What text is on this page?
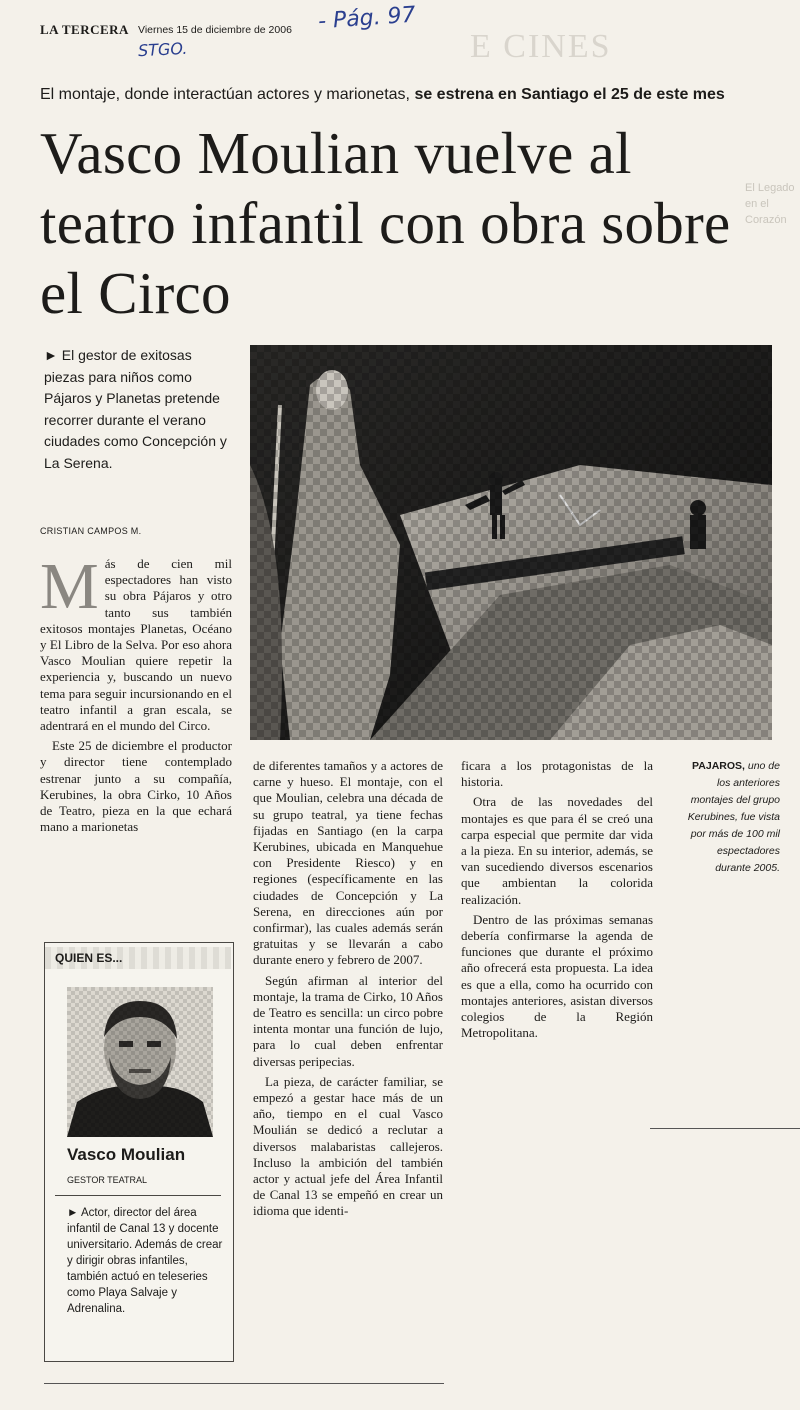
LA TERCERA Viernes 15 de diciembre de 2006 - Pág. 97
STGO.	E CINES
El montaje, donde interactúan actores y marionetas, se estrena en Santiago el 25 de este mes
Vasco Moulian vuelve al teatro infantil con obra sobre el Circo
El Legado en el Corazón
► El gestor de exitosas piezas para niños como Pájaros y Planetas pretende recorrer durante el verano ciudades como Concepción y La Serena.
CRISTIAN CAMPOS M.
PAJAROS, uno de los anteriores montajes del grupo Kerubines, fue vista por más de 100 mil espectadores durante 2005.

Más de cien mil espectadores han visto su obra Pájaros y otro tanto sus también exitosos montajes Planetas, Océano y El Libro de la Selva. Por eso ahora Vasco Moulian quiere repetir la experiencia y, buscando un nuevo tema para seguir incursionando en el teatro infantil a gran escala, se adentrará en el mundo del Circo.

Este 25 de diciembre el productor y director tiene contemplado estrenar junto a su compañía, Kerubines, la obra Cirko, 10 Años de Teatro, pieza en la que echará mano a marionetas

de diferentes tamaños y a actores de carne y hueso. El montaje, con el que Moulian, celebra una década de su grupo teatral, ya tiene fechas fijadas en Santiago (en la carpa Kerubines, ubicada en Manquehue con Presidente Riesco) y en regiones (específicamente en las ciudades de Concepción y La Serena, en direcciones aún por confirmar), las cuales además serán gratuitas y se llevarán a cabo durante enero y febrero de 2007.

Según afirman al interior del montaje, la trama de Cirko, 10 Años de Teatro es sencilla: un circo pobre intenta montar una función de lujo, para lo cual deben enfrentar diversas peripecias.

La pieza, de carácter familiar, se empezó a gestar hace más de un año, tiempo en el cual Vasco Moulián se dedicó a reclutar a diversos malabaristas callejeros. Incluso la ambición del también actor y actual jefe del Área Infantil de Canal 13 se empeñó en crear un idioma que identi-

ficara a los protagonistas de la historia.

Otra de las novedades del montajes es que para él se creó una carpa especial que permite dar vida a la pieza. En su interior, además, se van sucediendo diversos escenarios que ambientan la colorida realización.

Dentro de las próximas semanas debería confirmarse la agenda de funciones que durante el próximo año ofrecerá esta propuesta. La idea es que a ella, como ha ocurrido con montajes anteriores, asistan diversos colegios de la Región Metropolitana.

QUIEN ES...
Vasco Moulian
GESTOR TEATRAL
► Actor, director del área infantil de Canal 13 y docente universitario. Además de crear y dirigir obras infantiles, también actuó en teleseries como Playa Salvaje y Adrenalina.
